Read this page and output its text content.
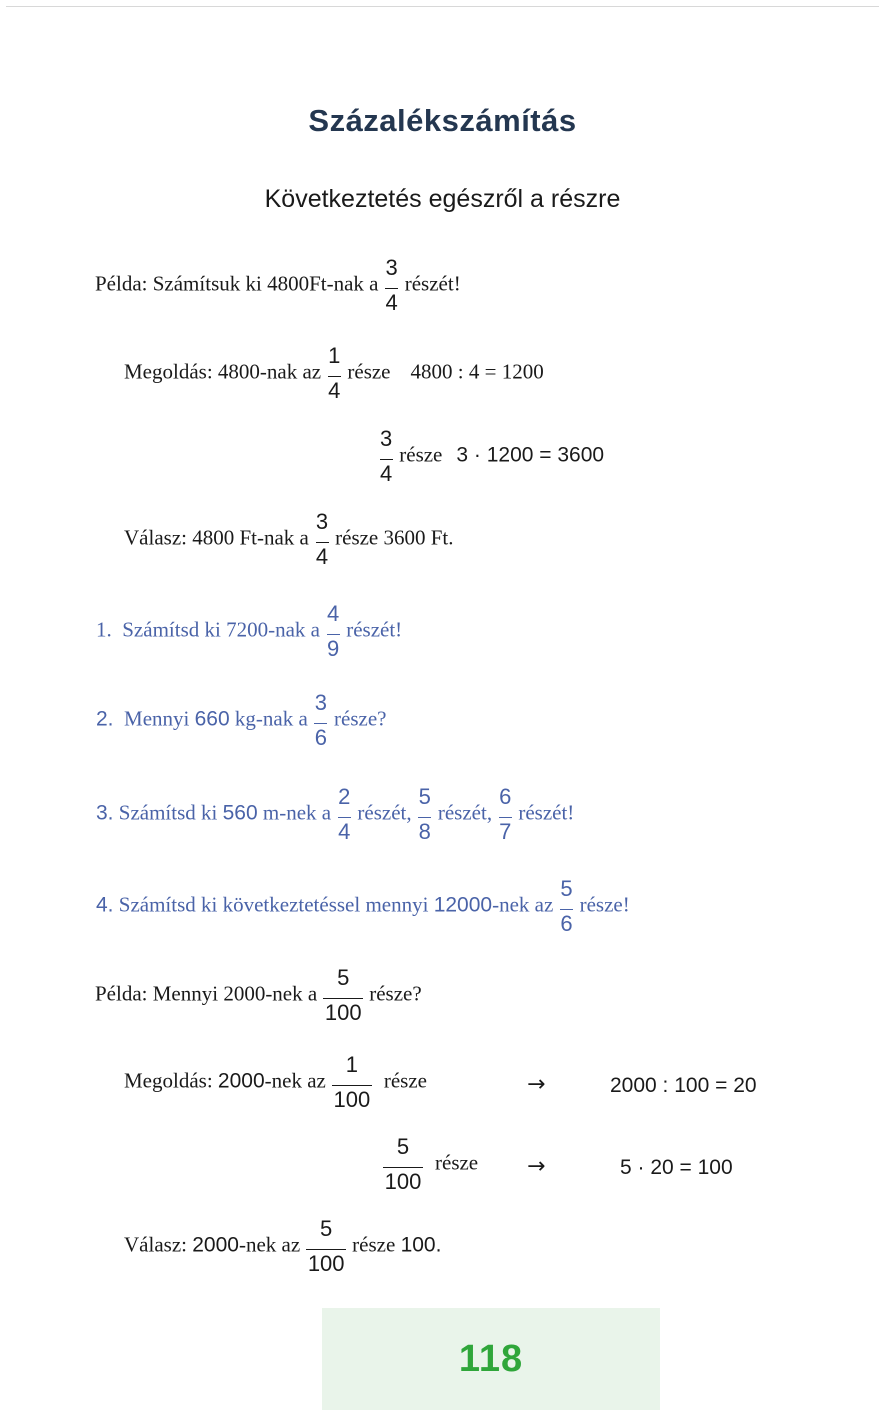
Százalékszámítás
Következtetés egészről a részre
Példa: Számítsuk ki 4800Ft-nak a $\frac{3}{4}$ részét!
Megoldás: 4800-nak az $\frac{1}{4}$ része 4800 : 4 = 1200
$\frac{3}{4}$ része 3 · 1200 = 3600
Válasz: 4800 Ft-nak a $\frac{3}{4}$ része 3600 Ft.
1. Számítsd ki 7200-nak a $\frac{4}{9}$ részét!
2. Mennyi 660 kg-nak a $\frac{3}{6}$ része?
3. Számítsd ki 560 m-nek a $\frac{2}{4}$ részét, $\frac{5}{8}$ részét, $\frac{6}{7}$ részét!
4. Számítsd ki következtetéssel mennyi 12000-nek az $\frac{5}{6}$ része!
Példa: Mennyi 2000-nek a $\frac{5}{100}$ része?
Megoldás: 2000-nek az $\frac{1}{100}$ része	→	2000 : 100 = 20
$\frac{5}{100}$ része →	5 · 20 = 100
Válasz: 2000-nek az $\frac{5}{100}$ része 100.
118
